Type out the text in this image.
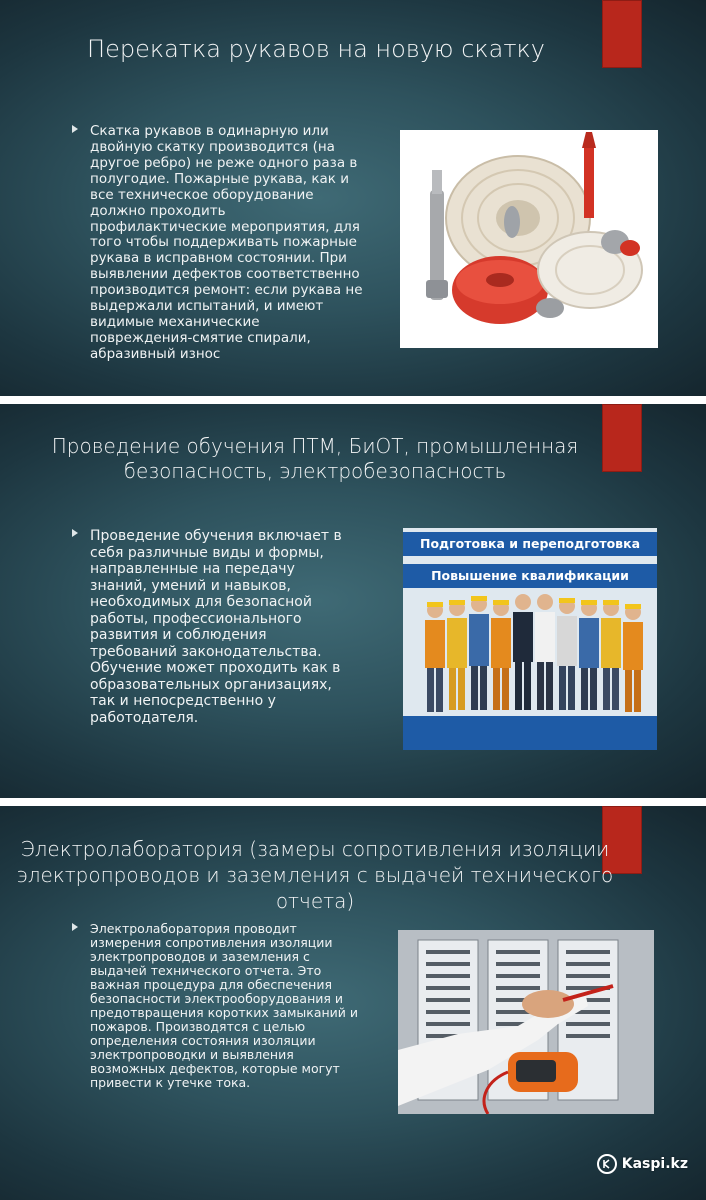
Перекатка рукавов на новую скатку
Скатка рукавов в одинарную или двойную скатку производится (на другое ребро) не реже одного раза в полугодие. Пожарные рукава, как и все техническое оборудование должно проходить профилактические мероприятия, для того чтобы поддерживать пожарные рукава в исправном состоянии. При выявлении дефектов соответственно производится ремонт: если рукава не выдержали испытаний, и имеют видимые механические повреждения-смятие спирали, абразивный износ
Проведение обучения ПТМ, БиОТ, промышленная безопасность, электробезопасность
Проведение обучения включает в себя различные виды и формы, направленные на передачу знаний, умений и навыков, необходимых для безопасной работы, профессионального развития и соблюдения требований законодательства. Обучение может проходить как в образовательных организациях, так и непосредственно у работодателя.
Подготовка и переподготовка
Повышение квалификации
Электролаборатория (замеры сопротивления изоляции электропроводов и заземления с выдачей технического отчета)
Электролаборатория проводит измерения сопротивления изоляции электропроводов и заземления с выдачей технического отчета. Это важная процедура для обеспечения безопасности электрооборудования и предотвращения коротких замыканий и пожаров. Производятся с целью определения состояния изоляции электропроводки и выявления возможных дефектов, которые могут привести к утечке тока.
Kaspi.kz
